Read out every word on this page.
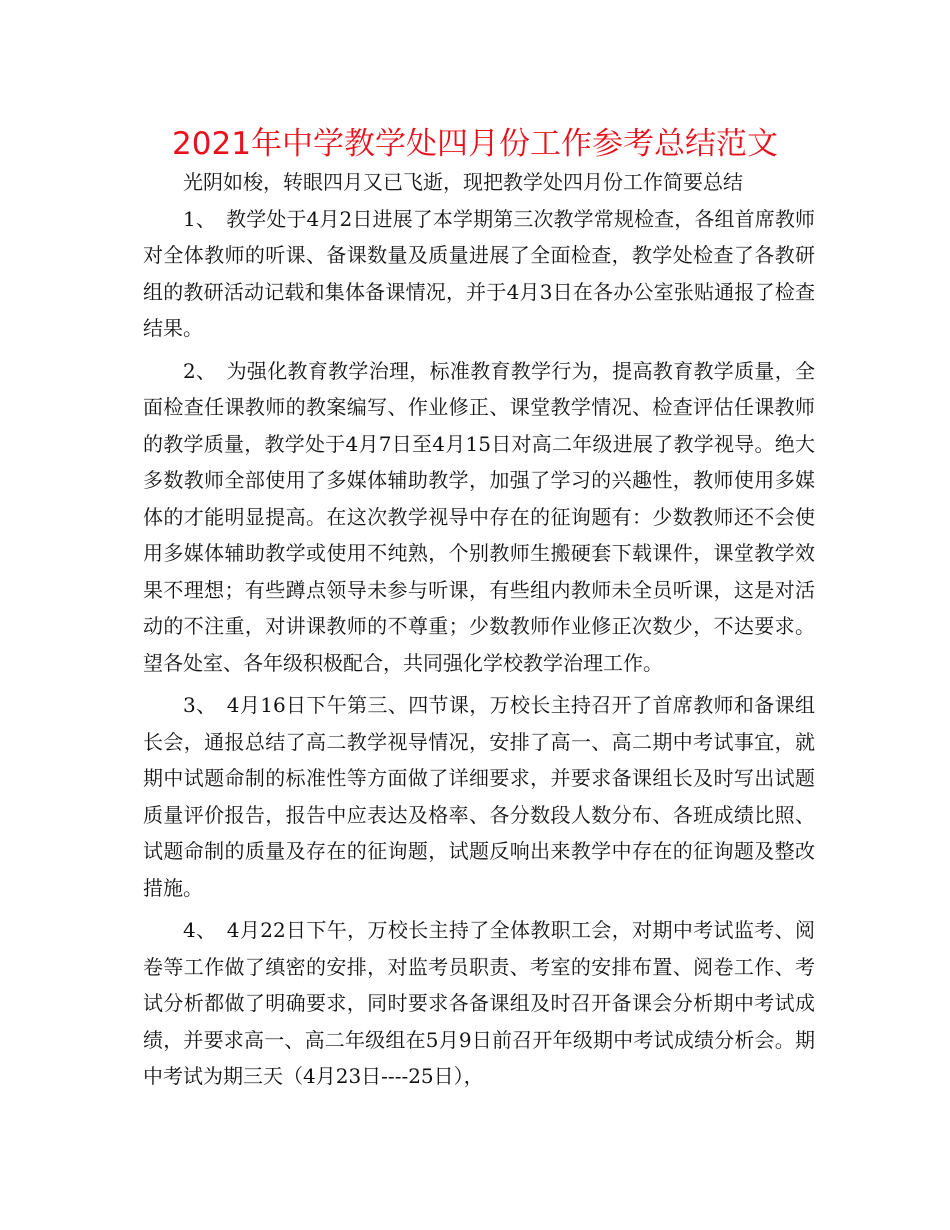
2021年中学教学处四月份工作参考总结范文

光阴如梭，转眼四月又已飞逝，现把教学处四月份工作简要总结

1、　教学处于4月2日进展了本学期第三次教学常规检查，各组首席教师对全体教师的听课、备课数量及质量进展了全面检查，教学处检查了各教研组的教研活动记载和集体备课情况，并于4月3日在各办公室张贴通报了检查结果。

2、　为强化教育教学治理，标准教育教学行为，提高教育教学质量，全面检查任课教师的教案编写、作业修正、课堂教学情况、检查评估任课教师的教学质量，教学处于4月7日至4月15日对高二年级进展了教学视导。绝大多数教师全部使用了多媒体辅助教学，加强了学习的兴趣性，教师使用多媒体的才能明显提高。在这次教学视导中存在的征询题有：少数教师还不会使用多媒体辅助教学或使用不纯熟，个别教师生搬硬套下载课件，课堂教学效果不理想；有些蹲点领导未参与听课，有些组内教师未全员听课，这是对活动的不注重，对讲课教师的不尊重；少数教师作业修正次数少，不达要求。望各处室、各年级积极配合，共同强化学校教学治理工作。

3、　4月16日下午第三、四节课，万校长主持召开了首席教师和备课组长会，通报总结了高二教学视导情况，安排了高一、高二期中考试事宜，就期中试题命制的标准性等方面做了详细要求，并要求备课组长及时写出试题质量评价报告，报告中应表达及格率、各分数段人数分布、各班成绩比照、试题命制的质量及存在的征询题，试题反响出来教学中存在的征询题及整改措施。

4、　4月22日下午，万校长主持了全体教职工会，对期中考试监考、阅卷等工作做了缜密的安排，对监考员职责、考室的安排布置、阅卷工作、考试分析都做了明确要求，同时要求各备课组及时召开备课会分析期中考试成绩，并要求高一、高二年级组在5月9日前召开年级期中考试成绩分析会。期中考试为期三天（4月23日----25日），
